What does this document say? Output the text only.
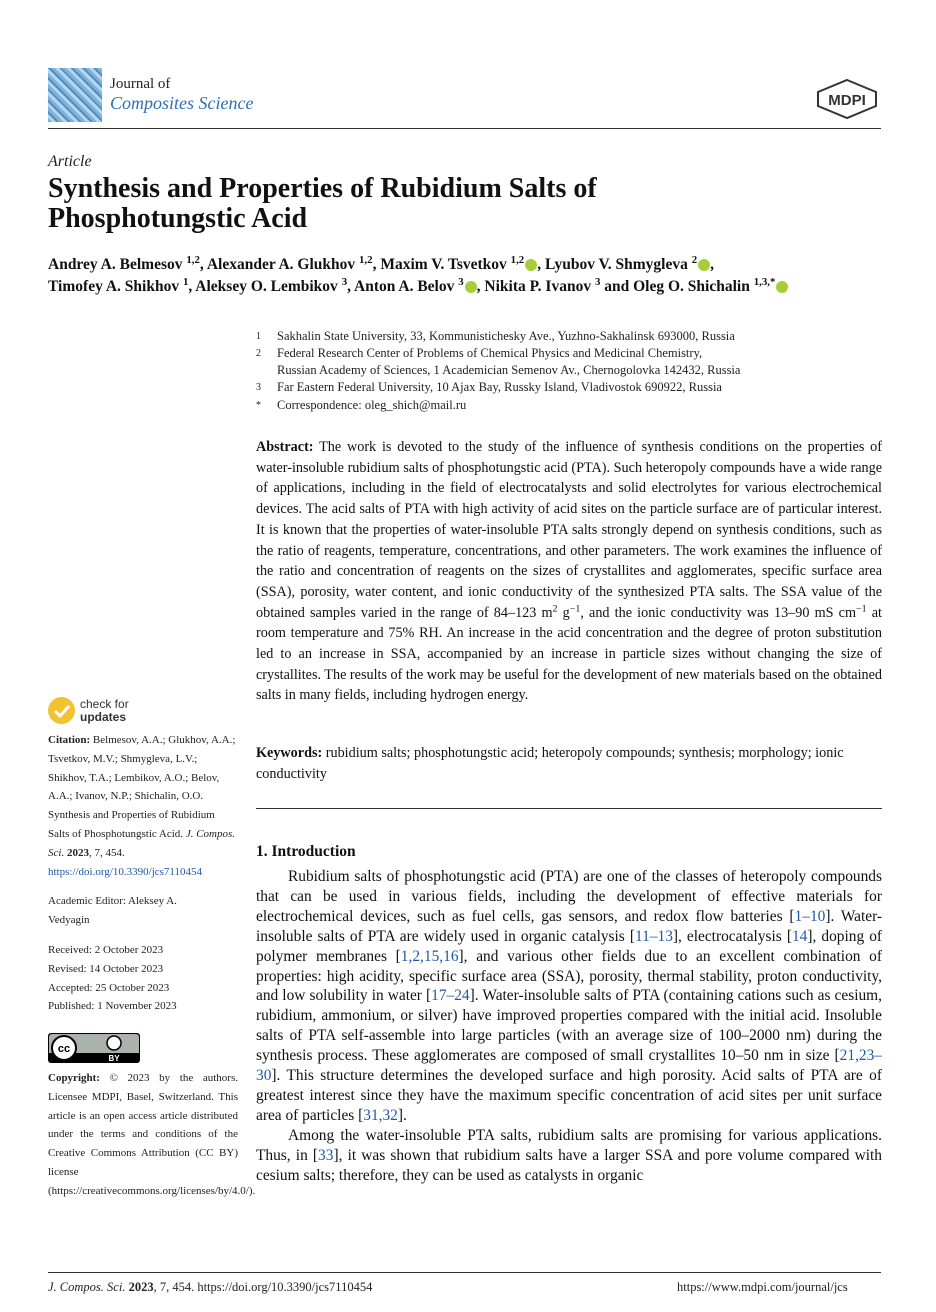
Journal of
Composites Science	MDPI
Article
Synthesis and Properties of Rubidium Salts of Phosphotungstic Acid
Andrey A. Belmesov $^{1,2}$, Alexander A. Glukhov $^{1,2}$, Maxim V. Tsvetkov $^{1,2}$ , Lyubov V. Shmygleva $^2$ ,
Timofey A. Shikhov $^1$, Aleksey O. Lembikov $^3$, Anton A. Belov $^3$ , Nikita P. Ivanov $^3$ and Oleg O. Shichalin $^{1,3,*}$
1 Sakhalin State University, 33, Kommunistichesky Ave., Yuzhno-Sakhalinsk 693000, Russia
2 Federal Research Center of Problems of Chemical Physics and Medicinal Chemistry,
Russian Academy of Sciences, 1 Academician Semenov Av., Chernogolovka 142432, Russia
3 Far Eastern Federal University, 10 Ajax Bay, Russky Island, Vladivostok 690922, Russia
* Correspondence: oleg_shich@mail.ru
Abstract: The work is devoted to the study of the influence of synthesis conditions on the properties of water-insoluble rubidium salts of phosphotungstic acid (PTA). Such heteropoly compounds have a wide range of applications, including in the field of electrocatalysts and solid electrolytes for various electrochemical devices. The acid salts of PTA with high activity of acid sites on the particle surface are of particular interest. It is known that the properties of water-insoluble PTA salts strongly depend on synthesis conditions, such as the ratio of reagents, temperature, concentrations, and other parameters. The work examines the influence of the ratio and concentration of reagents on the sizes of crystallites and agglomerates, specific surface area (SSA), porosity, water content, and ionic conductivity of the synthesized PTA salts. The SSA value of the obtained samples varied in the range of 84–123 $m^2$ $g^{-1}$, and the ionic conductivity was 13–90 mS $cm^{-1}$ at room temperature and 75% RH. An increase in the acid concentration and the degree of proton substitution led to an increase in SSA, accompanied by an increase in particle sizes without changing the size of crystallites. The results of the work may be useful for the development of new materials based on the obtained salts in many fields, including hydrogen energy.
Keywords: rubidium salts; phosphotungstic acid; heteropoly compounds; synthesis; morphology; ionic conductivity
1. Introduction

Rubidium salts of phosphotungstic acid (PTA) are one of the classes of heteropoly compounds that can be used in various fields, including the development of effective materials for electrochemical devices, such as fuel cells, gas sensors, and redox flow batteries [1–10]. Water-insoluble salts of PTA are widely used in organic catalysis [11–13], electrocatalysis [14], doping of polymer membranes [1,2,15,16], and various other fields due to an excellent combination of properties: high acidity, specific surface area (SSA), porosity, thermal stability, proton conductivity, and low solubility in water [17–24]. Water-insoluble salts of PTA (containing cations such as cesium, rubidium, ammonium, or silver) have improved properties compared with the initial acid. Insoluble salts of PTA self-assemble into large particles (with an average size of 100–2000 nm) during the synthesis process. These agglomerates are composed of small crystallites 10–50 nm in size [21,23–30]. This structure determines the developed surface and high porosity. Acid salts of PTA are of greatest interest since they have the maximum specific concentration of acid sites per unit surface area of particles [31,32].

Among the water-insoluble PTA salts, rubidium salts are promising for various applications. Thus, in [33], it was shown that rubidium salts have a larger SSA and pore volume compared with cesium salts; therefore, they can be used as catalysts in organic

check for
updates
Citation: Belmesov, A.A.; Glukhov, A.A.; Tsvetkov, M.V.; Shmygleva, L.V.; Shikhov, T.A.; Lembikov, A.O.; Belov, A.A.; Ivanov, N.P.; Shichalin, O.O. Synthesis and Properties of Rubidium Salts of Phosphotungstic Acid. J. Compos. Sci. 2023, 7, 454.
https://doi.org/10.3390/jcs7110454
Academic Editor: Aleksey A. Vedyagin
Received: 2 October 2023
Revised: 14 October 2023
Accepted: 25 October 2023
Published: 1 November 2023
cc
BY
Copyright: © 2023 by the authors. Licensee MDPI, Basel, Switzerland. This article is an open access article distributed under the terms and conditions of the Creative Commons Attribution (CC BY) license (https://creativecommons.org/licenses/by/4.0/).
J. Compos. Sci. 2023, 7, 454. https://doi.org/10.3390/jcs7110454	https://www.mdpi.com/journal/jcs
